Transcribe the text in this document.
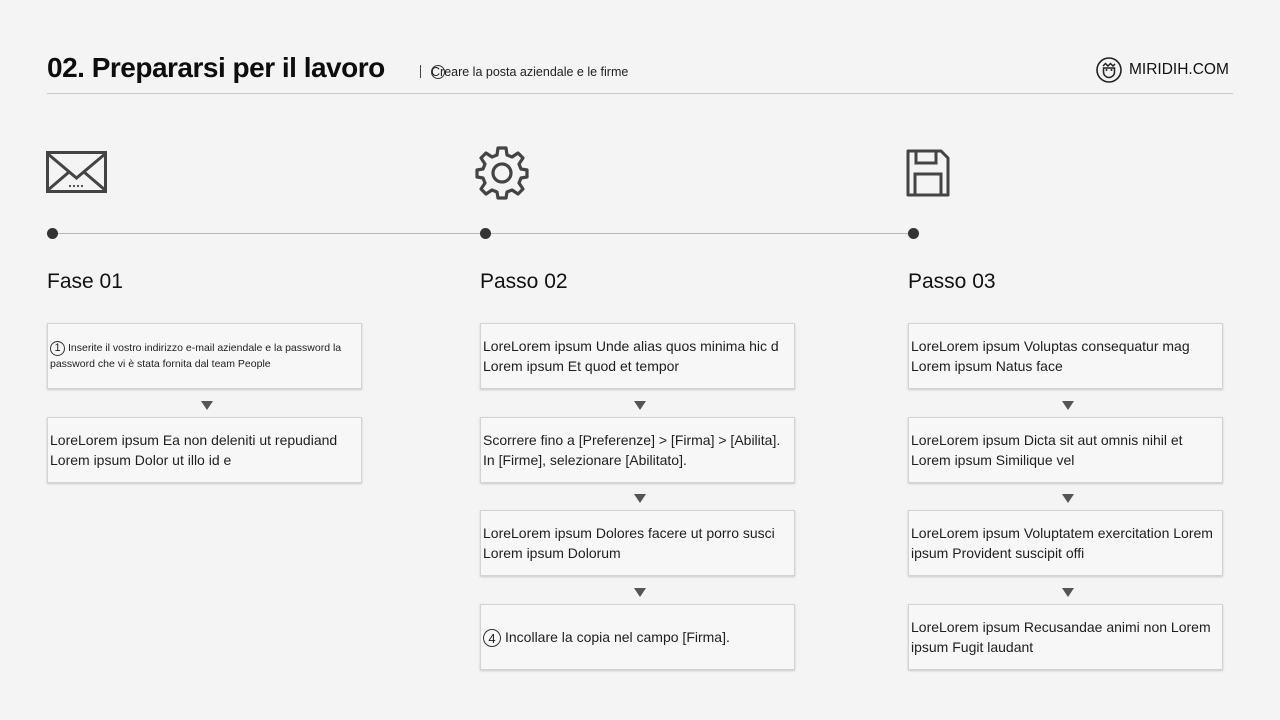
02. Prepararsi per il lavoro	Creare la posta aziendale e le firme	MIRIDIH.COM
Fase 01	Passo 02	Passo 03
1 Inserite il vostro indirizzo e-mail aziendale e la password la password che vi è stata fornita dal team People
LoreLorem ipsum Ea non deleniti ut repudiand Lorem ipsum Dolor ut illo id e
LoreLorem ipsum Unde alias quos minima hic d Lorem ipsum Et quod et tempor
Scorrere fino a [Preferenze] > [Firma] > [Abilita]. In [Firme], selezionare [Abilitato].
LoreLorem ipsum Dolores facere ut porro susci Lorem ipsum Dolorum
4 Incollare la copia nel campo [Firma].
LoreLorem ipsum Voluptas consequatur mag Lorem ipsum Natus face
LoreLorem ipsum Dicta sit aut omnis nihil et Lorem ipsum Similique vel
LoreLorem ipsum Voluptatem exercitation Lorem ipsum Provident suscipit offi
LoreLorem ipsum Recusandae animi non Lorem ipsum Fugit laudant
